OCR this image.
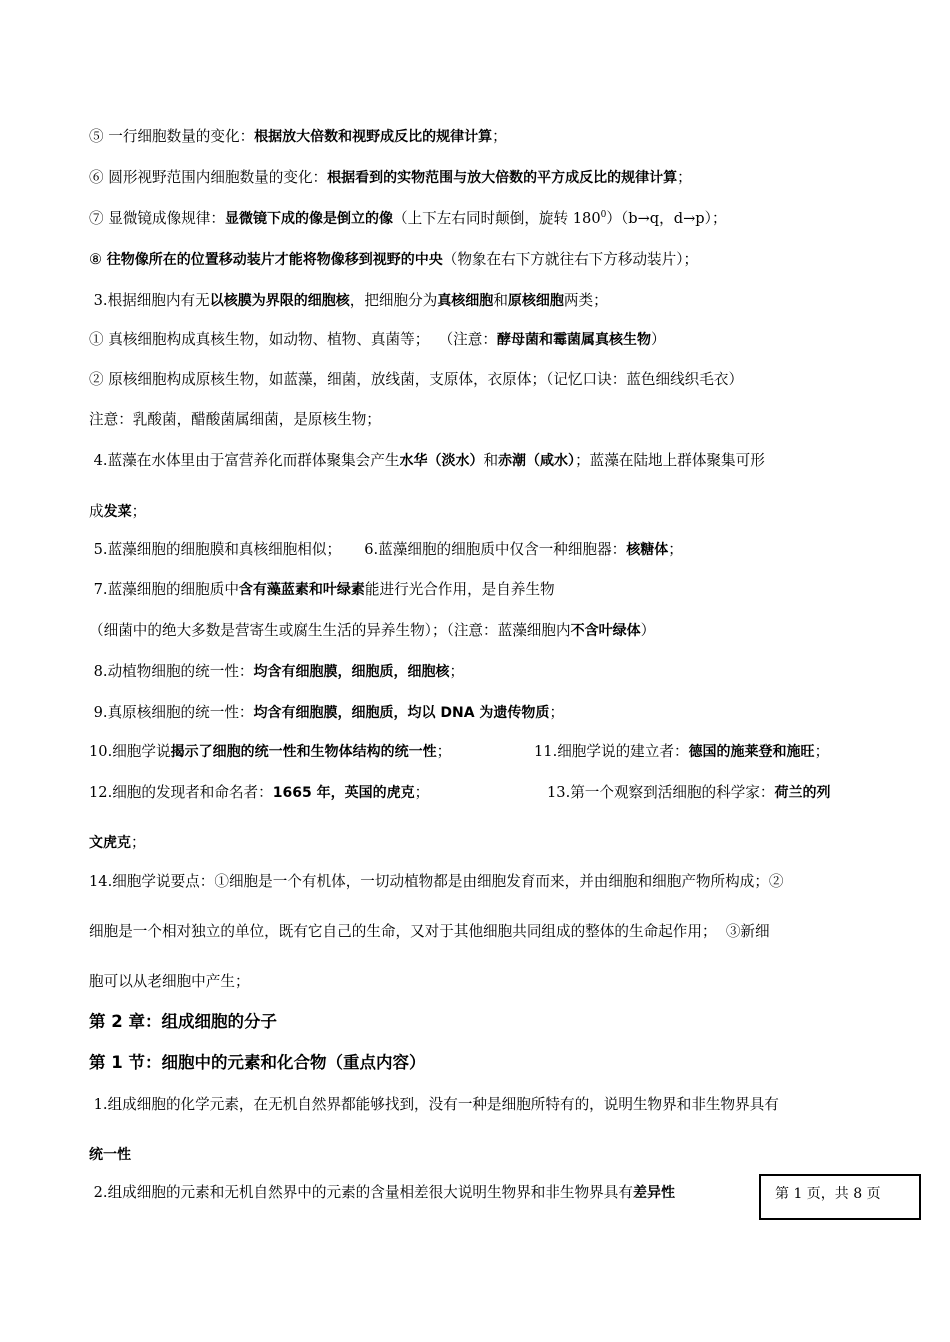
⑤ 一行细胞数量的变化：根据放大倍数和视野成反比的规律计算；
⑥ 圆形视野范围内细胞数量的变化：根据看到的实物范围与放大倍数的平方成反比的规律计算；
⑦ 显微镜成像规律：显微镜下成的像是倒立的像（上下左右同时颠倒，旋转 $180^0)(b\to q$，d→p）；
⑧ 往物像所在的位置移动装片才能将物像移到视野的中央（物象在右下方就往右下方移动装片）；
3.根据细胞内有无以核膜为界限的细胞核，把细胞分为真核细胞和原核细胞两类；
① 真核细胞构成真核生物，如动物、植物、真菌等；  （注意：酵母菌和霉菌属真核生物）
② 原核细胞构成原核生物，如蓝藻，细菌，放线菌，支原体，衣原体；（记忆口诀：蓝色细线织毛衣）
注意：乳酸菌，醋酸菌属细菌，是原核生物；
4.蓝藻在水体里由于富营养化而群体聚集会产生水华（淡水）和赤潮（咸水）；蓝藻在陆地上群体聚集可形
成发菜；
5.蓝藻细胞的细胞膜和真核细胞相似；     6.蓝藻细胞的细胞质中仅含一种细胞器：核糖体；
7.蓝藻细胞的细胞质中含有藻蓝素和叶绿素能进行光合作用，是自养生物
（细菌中的绝大多数是营寄生或腐生生活的异养生物）；（注意：蓝藻细胞内不含叶绿体）
8.动植物细胞的统一性：均含有细胞膜，细胞质，细胞核；
9.真原核细胞的统一性：均含有细胞膜，细胞质，均以 DNA 为遗传物质；
10.细胞学说揭示了细胞的统一性和生物体结构的统一性；
12.细胞的发现者和命名者：1665 年，英国的虎克；
文虎克；
14.细胞学说要点：①细胞是一个有机体，一切动植物都是由细胞发育而来，并由细胞和细胞产物所构成；②
细胞是一个相对独立的单位，既有它自己的生命，又对于其他细胞共同组成的整体的生命起作用；  ③新细
胞可以从老细胞中产生；
第 2 章：组成细胞的分子
第 1 节：细胞中的元素和化合物（重点内容）
1.组成细胞的化学元素，在无机自然界都能够找到，没有一种是细胞所特有的，说明生物界和非生物界具有
统一性
2.组成细胞的元素和无机自然界中的元素的含量相差很大说明生物界和非生物界具有差异性
11.细胞学说的建立者：德国的施莱登和施旺；
13.第一个观察到活细胞的科学家：荷兰的列
第 1 页，共 8 页
